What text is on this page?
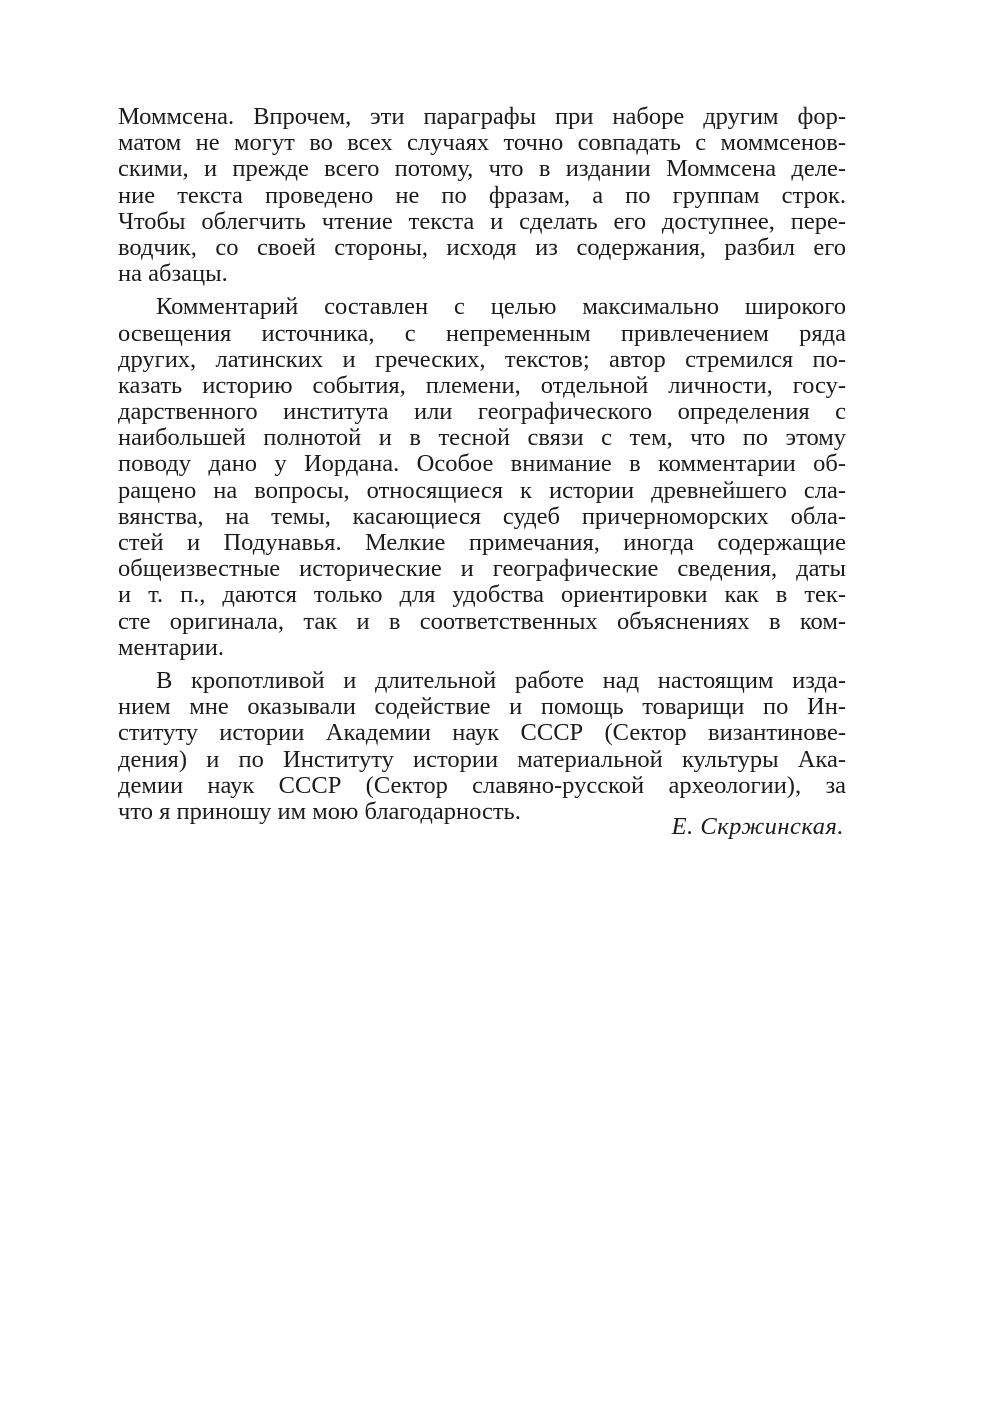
Моммсена. Впрочем, эти параграфы при наборе другим фор-
матом не могут во всех случаях точно совпадать с моммсенов-
скими, и прежде всего потому, что в издании Моммсена деле-
ние текста проведено не по фразам, а по группам строк.
Чтобы облегчить чтение текста и сделать его доступнее, пере-
водчик, со своей стороны, исходя из содержания, разбил его
на абзацы.
Комментарий составлен с целью максимально широкого
освещения источника, с непременным привлечением ряда
других, латинских и греческих, текстов; автор стремился по-
казать историю события, племени, отдельной личности, госу-
дарственного института или географического определения с
наибольшей полнотой и в тесной связи с тем, что по этому
поводу дано у Иордана. Особое внимание в комментарии об-
ращено на вопросы, относящиеся к истории древнейшего сла-
вянства, на темы, касающиеся судеб причерноморских обла-
стей и Подунавья. Мелкие примечания, иногда содержащие
общеизвестные исторические и географические сведения, даты
и т. п., даются только для удобства ориентировки как в тек-
сте оригинала, так и в соответственных объяснениях в ком-
ментарии.
В кропотливой и длительной работе над настоящим изда-
нием мне оказывали содействие и помощь товарищи по Ин-
ституту истории Академии наук СССР (Сектор византинове-
дения) и по Институту истории материальной культуры Ака-
демии наук СССР (Сектор славяно-русской археологии), за
что я приношу им мою благодарность.
Е. Скржинская.
